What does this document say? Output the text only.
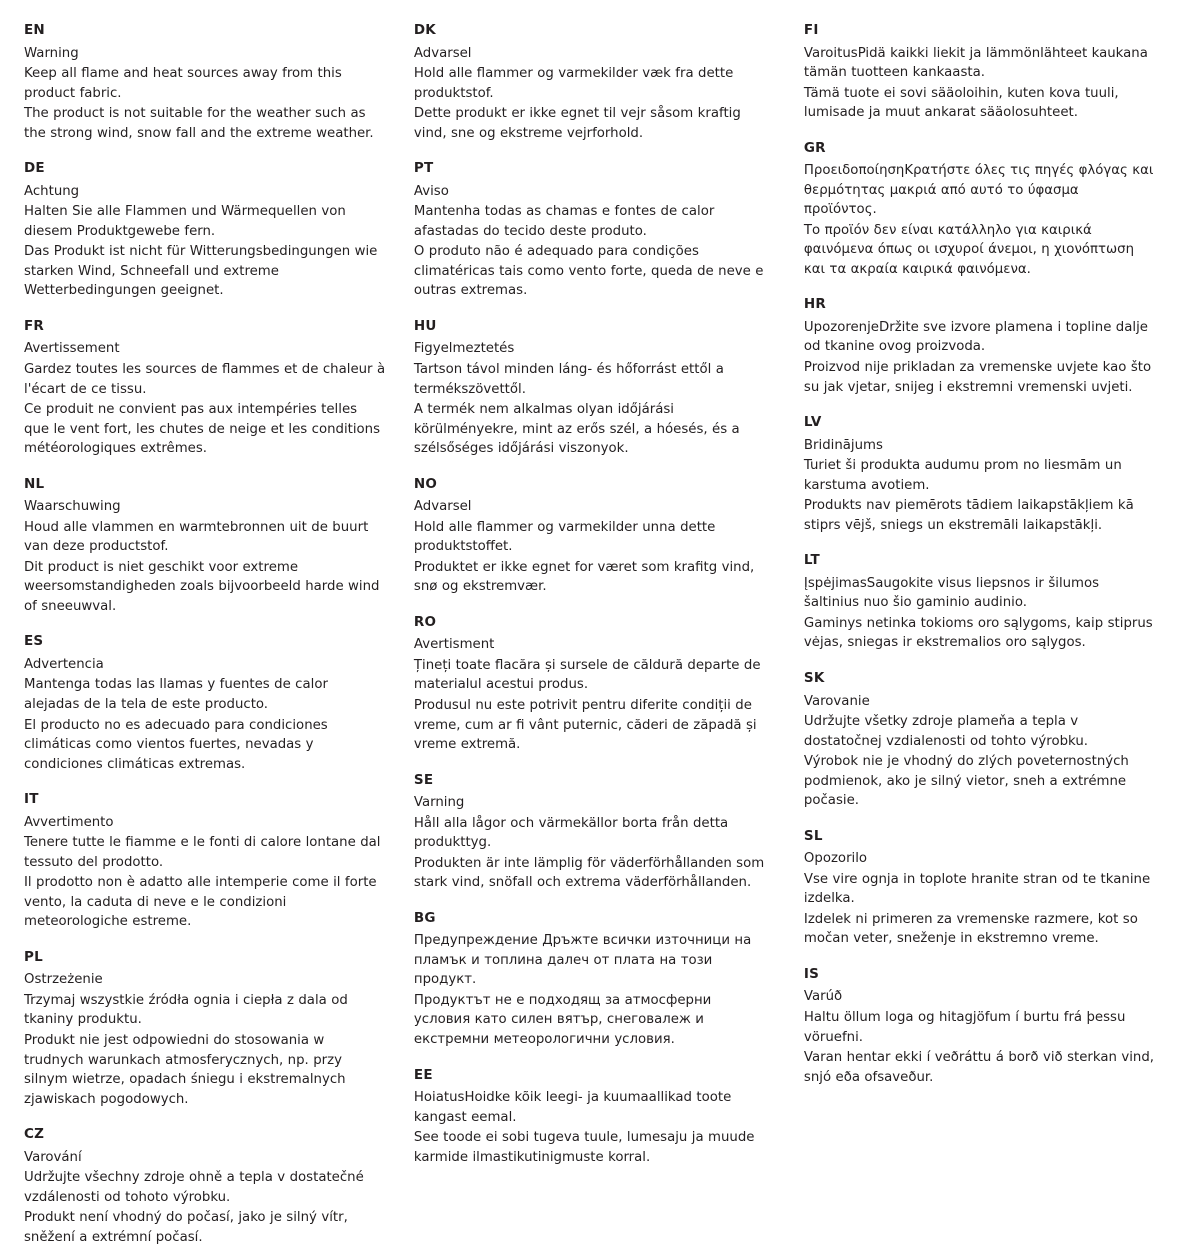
EN

Warning

Keep all flame and heat sources away from this product fabric.

The product is not suitable for the weather such as the strong wind, snow fall and the extreme weather.

DE

Achtung

Halten Sie alle Flammen und Wärmequellen von diesem Produktgewebe fern.

Das Produkt ist nicht für Witterungsbedingungen wie starken Wind, Schneefall und extreme Wetterbedingungen geeignet.

FR

Avertissement

Gardez toutes les sources de flammes et de chaleur à l'écart de ce tissu.

Ce produit ne convient pas aux intempéries telles que le vent fort, les chutes de neige et les conditions météorologiques extrêmes.

NL

Waarschuwing

Houd alle vlammen en warmtebronnen uit de buurt van deze productstof.

Dit product is niet geschikt voor extreme weersomstandigheden zoals bijvoorbeeld harde wind of sneeuwval.

ES

Advertencia

Mantenga todas las llamas y fuentes de calor alejadas de la tela de este producto.

El producto no es adecuado para condiciones climáticas como vientos fuertes, nevadas y condiciones climáticas extremas.

IT

Avvertimento

Tenere tutte le fiamme e le fonti di calore lontane dal tessuto del prodotto.

Il prodotto non è adatto alle intemperie come il forte vento, la caduta di neve e le condizioni meteorologiche estreme.

PL

Ostrzeżenie

Trzymaj wszystkie źródła ognia i ciepła z dala od tkaniny produktu.

Produkt nie jest odpowiedni do stosowania w trudnych warunkach atmosferycznych, np. przy silnym wietrze, opadach śniegu i ekstremalnych zjawiskach pogodowych.

CZ

Varování

Udržujte všechny zdroje ohně a tepla v dostatečné vzdálenosti od tohoto výrobku.

Produkt není vhodný do počasí, jako je silný vítr, sněžení a extrémní počasí.

DK

Advarsel

Hold alle flammer og varmekilder væk fra dette produktstof.

Dette produkt er ikke egnet til vejr såsom kraftig vind, sne og ekstreme vejrforhold.

PT

Aviso

Mantenha todas as chamas e fontes de calor afastadas do tecido deste produto.

O produto não é adequado para condições climatéricas tais como vento forte, queda de neve e outras extremas.

HU

Figyelmeztetés

Tartson távol minden láng- és hőforrást ettől a termékszövettől.

A termék nem alkalmas olyan időjárási körülményekre, mint az erős szél, a hóesés, és a szélsőséges időjárási viszonyok.

NO

Advarsel

Hold alle flammer og varmekilder unna dette produktstoffet.

Produktet er ikke egnet for været som krafitg vind, snø og ekstremvær.

RO

Avertisment

Țineți toate flacăra și sursele de căldură departe de materialul acestui produs.

Produsul nu este potrivit pentru diferite condiții de vreme, cum ar fi vânt puternic, căderi de zăpadă și vreme extremă.

SE

Varning

Håll alla lågor och värmekällor borta från detta produkttyg.

Produkten är inte lämplig för väderförhållanden som stark vind, snöfall och extrema väderförhållanden.

BG

Предупреждение Дръжте всички източници на пламък и топлина далеч от плата на този продукт.

Продуктът не е подходящ за атмосферни условия като силен вятър, снеговалеж и екстремни метеорологични условия.

EE

HoiatusHoidke kõik leegi- ja kuumaallikad toote kangast eemal.

See toode ei sobi tugeva tuule, lumesaju ja muude karmide ilmastikutinigmuste korral.

FI

VaroitusPidä kaikki liekit ja lämmönlähteet kaukana tämän tuotteen kankaasta.

Tämä tuote ei sovi sääoloihin, kuten kova tuuli, lumisade ja muut ankarat sääolosuhteet.

GR

ΠροειδοποίησηΚρατήστε όλες τις πηγές φλόγας και θερμότητας μακριά από αυτό το ύφασμα προϊόντος.

Το προϊόν δεν είναι κατάλληλο για καιρικά φαινόμενα όπως οι ισχυροί άνεμοι, η χιονόπτωση και τα ακραία καιρικά φαινόμενα.

HR

UpozorenjeDržite sve izvore plamena i topline dalje od tkanine ovog proizvoda.

Proizvod nije prikladan za vremenske uvjete kao što su jak vjetar, snijeg i ekstremni vremenski uvjeti.

LV

Bridinājums

Turiet ši produkta audumu prom no liesmām un karstuma avotiem.

Produkts nav piemērots tādiem laikapstākļiem kā stiprs vējš, sniegs un ekstremāli laikapstākļi.

LT

ĮspėjimasSaugokite visus liepsnos ir šilumos šaltinius nuo šio gaminio audinio.

Gaminys netinka tokioms oro sąlygoms, kaip stiprus vėjas, sniegas ir ekstremalios oro sąlygos.

SK

Varovanie

Udržujte všetky zdroje plameňa a tepla v dostatočnej vzdialenosti od tohto výrobku.

Výrobok nie je vhodný do zlých poveternostných podmienok, ako je silný vietor, sneh a extrémne počasie.

SL

Opozorilo

Vse vire ognja in toplote hranite stran od te tkanine izdelka.

Izdelek ni primeren za vremenske razmere, kot so močan veter, sneženje in ekstremno vreme.

IS

Varúð

Haltu öllum loga og hitagjöfum í burtu frá þessu vöruefni.

Varan hentar ekki í veðráttu á borð við sterkan vind, snjó eða ofsaveður.
